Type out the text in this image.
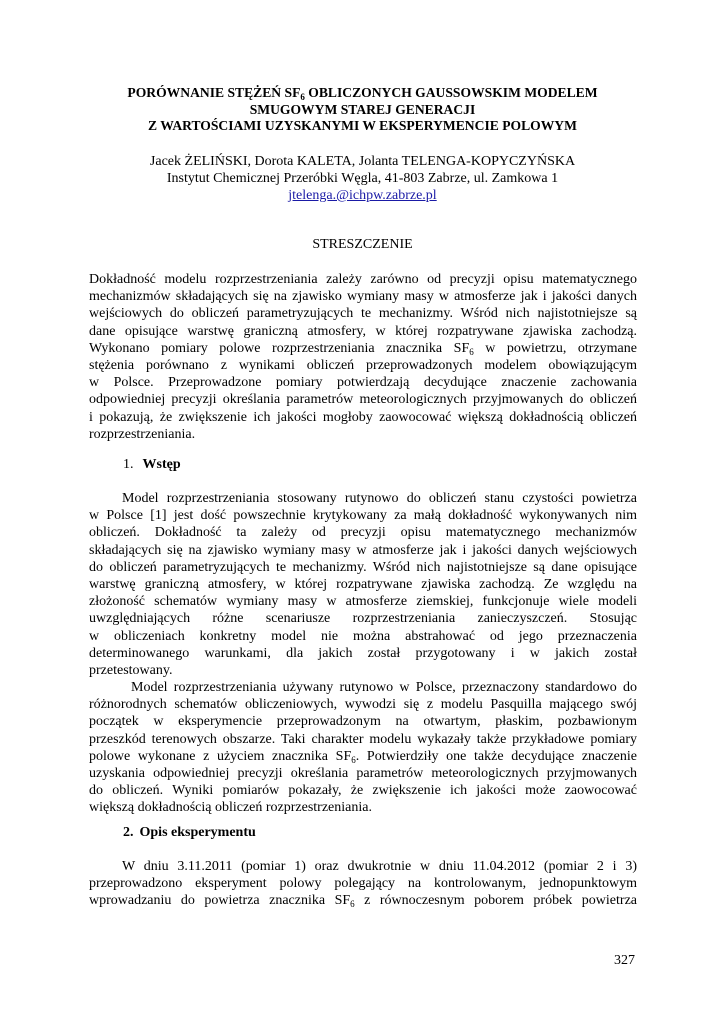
PORÓWNANIE STĘŻEŃ $SF_6$ OBLICZONYCH GAUSSOWSKIM MODELEM
SMUGOWYM STAREJ GENERACJI
Z WARTOŚCIAMI UZYSKANYMI W EKSPERYMENCIE POLOWYM
Jacek ŻELIŃSKI, Dorota KALETA, Jolanta TELENGA-KOPYCZYŃSKA
Instytut Chemicznej Przeróbki Węgla, 41-803 Zabrze, ul. Zamkowa 1
jtelenga.@ichpw.zabrze.pl
STRESZCZENIE
Dokładność modelu rozprzestrzeniania zależy zarówno od precyzji opisu matematycznego
mechanizmów składających się na zjawisko wymiany masy w atmosferze jak i jakości danych
wejściowych do obliczeń parametryzujących te mechanizmy. Wśród nich najistotniejsze są
dane opisujące warstwę graniczną atmosfery, w której rozpatrywane zjawiska zachodzą.
Wykonano pomiary polowe rozprzestrzeniania znacznika $SF_6$ w powietrzu, otrzymane
stężenia porównano z wynikami obliczeń przeprowadzonych modelem obowiązującym
w Polsce. Przeprowadzone pomiary potwierdzają decydujące znaczenie zachowania
odpowiedniej precyzji określania parametrów meteorologicznych przyjmowanych do obliczeń
i pokazują, że zwiększenie ich jakości mogłoby zaowocować większą dokładnością obliczeń
rozprzestrzeniania.
1. Wstęp
Model rozprzestrzeniania stosowany rutynowo do obliczeń stanu czystości powietrza
w Polsce [1] jest dość powszechnie krytykowany za małą dokładność wykonywanych nim
obliczeń. Dokładność ta zależy od precyzji opisu matematycznego mechanizmów
składających się na zjawisko wymiany masy w atmosferze jak i jakości danych wejściowych
do obliczeń parametryzujących te mechanizmy. Wśród nich najistotniejsze są dane opisujące
warstwę graniczną atmosfery, w której rozpatrywane zjawiska zachodzą. Ze względu na
złożoność schematów wymiany masy w atmosferze ziemskiej, funkcjonuje wiele modeli
uwzględniających różne scenariusze rozprzestrzeniania zanieczyszczeń. Stosując
w obliczeniach konkretny model nie można abstrahować od jego przeznaczenia
determinowanego warunkami, dla jakich został przygotowany i w jakich został
przetestowany.
Model rozprzestrzeniania używany rutynowo w Polsce, przeznaczony standardowo do
różnorodnych schematów obliczeniowych, wywodzi się z modelu Pasquilla mającego swój
początek w eksperymencie przeprowadzonym na otwartym, płaskim, pozbawionym
przeszkód terenowych obszarze. Taki charakter modelu wykazały także przykładowe pomiary
polowe wykonane z użyciem znacznika $SF_6$. Potwierdziły one także decydujące znaczenie
uzyskania odpowiedniej precyzji określania parametrów meteorologicznych przyjmowanych
do obliczeń. Wyniki pomiarów pokazały, że zwiększenie ich jakości może zaowocować
większą dokładnością obliczeń rozprzestrzeniania.
2. Opis eksperymentu
W dniu 3.11.2011 (pomiar 1) oraz dwukrotnie w dniu 11.04.2012 (pomiar 2 i 3)
przeprowadzono eksperyment polowy polegający na kontrolowanym, jednopunktowym
wprowadzaniu do powietrza znacznika $SF_6$ z równoczesnym poborem próbek powietrza
327
